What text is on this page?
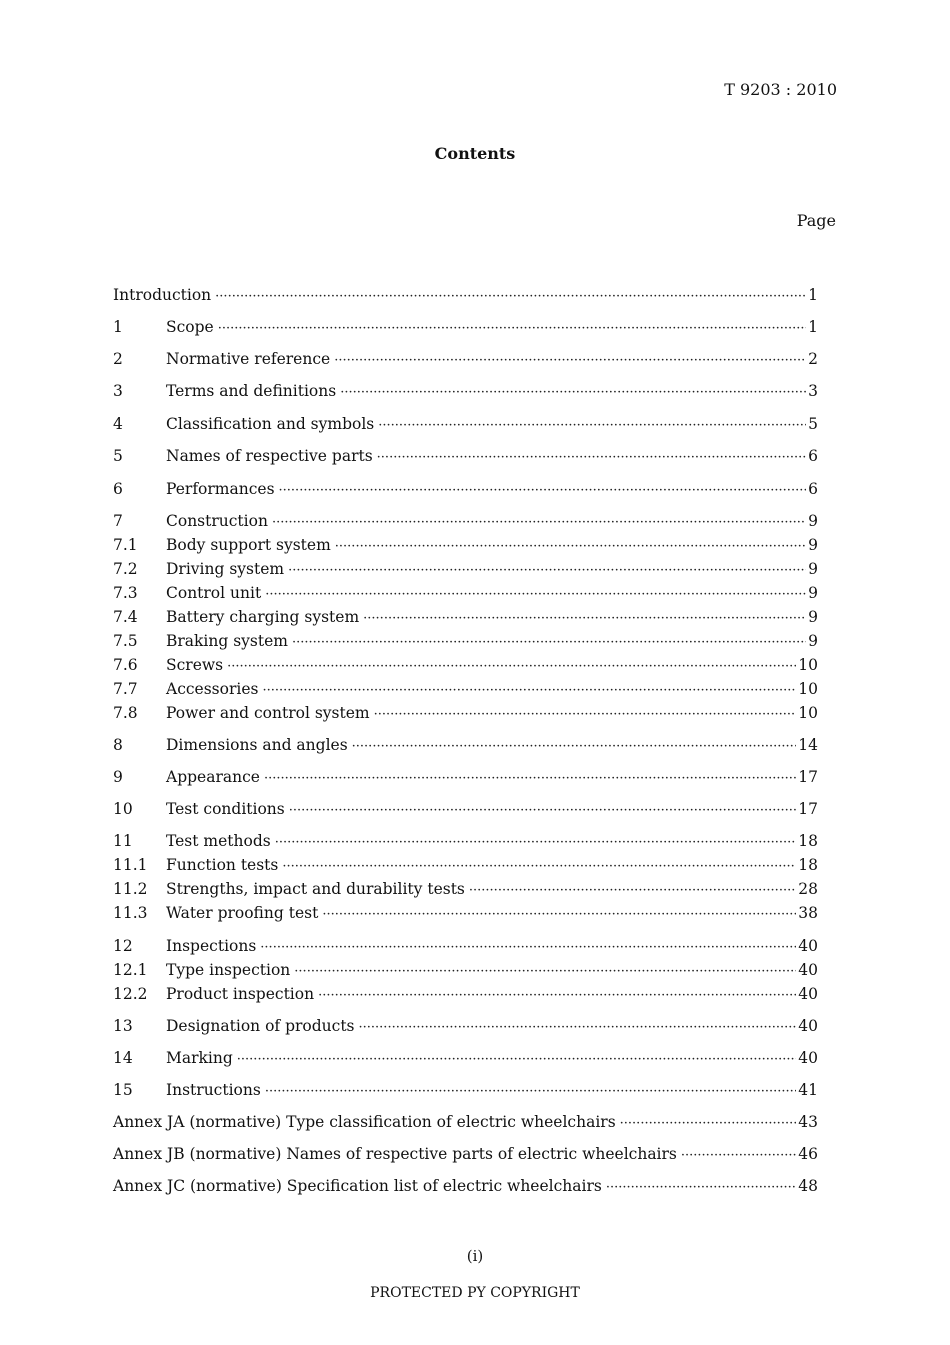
T 9203 : 2010
Contents
Page
Introduction ·····	1
1	Scope ·····	1
2	Normative reference ·····	2
3	Terms and definitions ·····	3
4	Classification and symbols ·····	5
5	Names of respective parts ·····	6
6	Performances ·····	6
7	Construction ·····	9
7.1	Body support system ·····	9
7.2	Driving system ·····	9
7.3	Control unit ·····	9
7.4	Battery charging system ·····	9
7.5	Braking system ·····	9
7.6	Screws ·····	10
7.7	Accessories ·····	10
7.8	Power and control system ·····	10
8	Dimensions and angles ·····	14
9	Appearance ·····	17
10	Test conditions ·····	17
11	Test methods ·····	18
11.1	Function tests ·····	18
11.2	Strengths, impact and durability tests ·····	28
11.3	Water proofing test ·····	38
12	Inspections ·····	40
12.1	Type inspection ·····	40
12.2	Product inspection ·····	40
13	Designation of products ·····	40
14	Marking ·····	40
15	Instructions ·····	41
Annex JA (normative) Type classification of electric wheelchairs ·····	43
Annex JB (normative) Names of respective parts of electric wheelchairs ·····	46
Annex JC (normative) Specification list of electric wheelchairs ·····	48
(i)
PROTECTED PY COPYRIGHT
